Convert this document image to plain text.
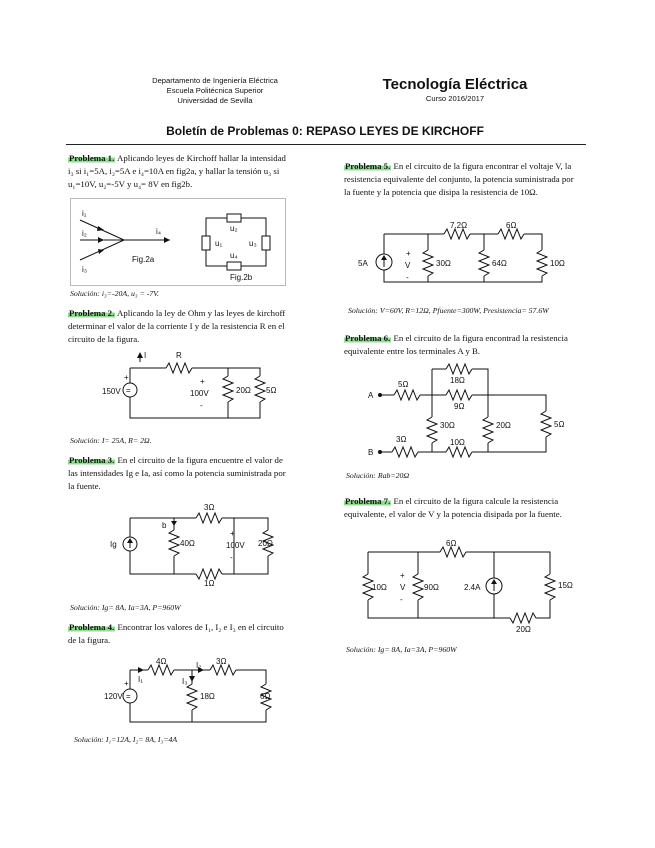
Departamento de Ingeniería Eléctrica
Escuela Politécnica Superior
Universidad de Sevilla
Tecnología Eléctrica
Curso 2016/2017
Boletín de Problemas 0: REPASO LEYES DE KIRCHOFF
Problema 1. Aplicando leyes de Kirchoff hallar la intensidad i₃ si i₁=5A, i₂=5A e i₄=10A en fig2a, y hallar la tensión u₃ si u₁=10V, u₂=-5V y u₄= 8V en fig2b.
i₁
i₂
i₃
i₄
Fig.2a
u₁
u₂
u₃
u₄
Fig.2b
Solución: i₃=-20A, u₃ = -7V.
Problema 2. Aplicando la ley de Ohm y las leyes de kirchoff determinar el valor de la corriente I y de la resistencia R en el circuito de la figura.
=
I	R
150V
+	+
100V
-
20Ω 5Ω
Solución: I= 25A, R= 2Ω.
Problema 3. En el circuito de la figura encuentre el valor de las intensidades Ig e Ia, así como la potencia suministrada por la fuente.
Ig
b
3Ω
40Ω
+
100V
-
20Ω
1Ω
Solución: Ig= 8A, Ia=3A, P=960W
Problema 4. Encontrar los valores de I₁, I₂ e I₃ en el circuito de la figura.
=
4Ω	3Ω
120V
+
18Ω	6Ω
I₁
I₂
I₃
Solución: I₁=12A, I₂= 8A, I₃=4A
Problema 5. En el circuito de la figura encontrar el voltaje V, la resistencia equivalente del conjunto, la potencia suministrada por la fuente y la potencia que disipa la resistencia de 10Ω.
5A
7.2Ω	6Ω
+
V
-
30Ω	64Ω	10Ω
Solución: V=60V, R=12Ω, Pfuente=300W, Presistencia= 57.6W
Problema 6. En el circuito de la figura encontrad la resistencia equivalente entre los terminales A y B.
A
B
5Ω	18Ω
9Ω
30Ω	20Ω	5Ω
3Ω	10Ω
Solución: Rab=20Ω
Problema 7. En el circuito de la figura calcule la resistencia equivalente, el valor de V y la potencia disipada por la fuente.
6Ω
10Ω
+
V
-
90Ω	2.4A	15Ω
20Ω
Solución: Ig= 8A, Ia=3A, P=960W
